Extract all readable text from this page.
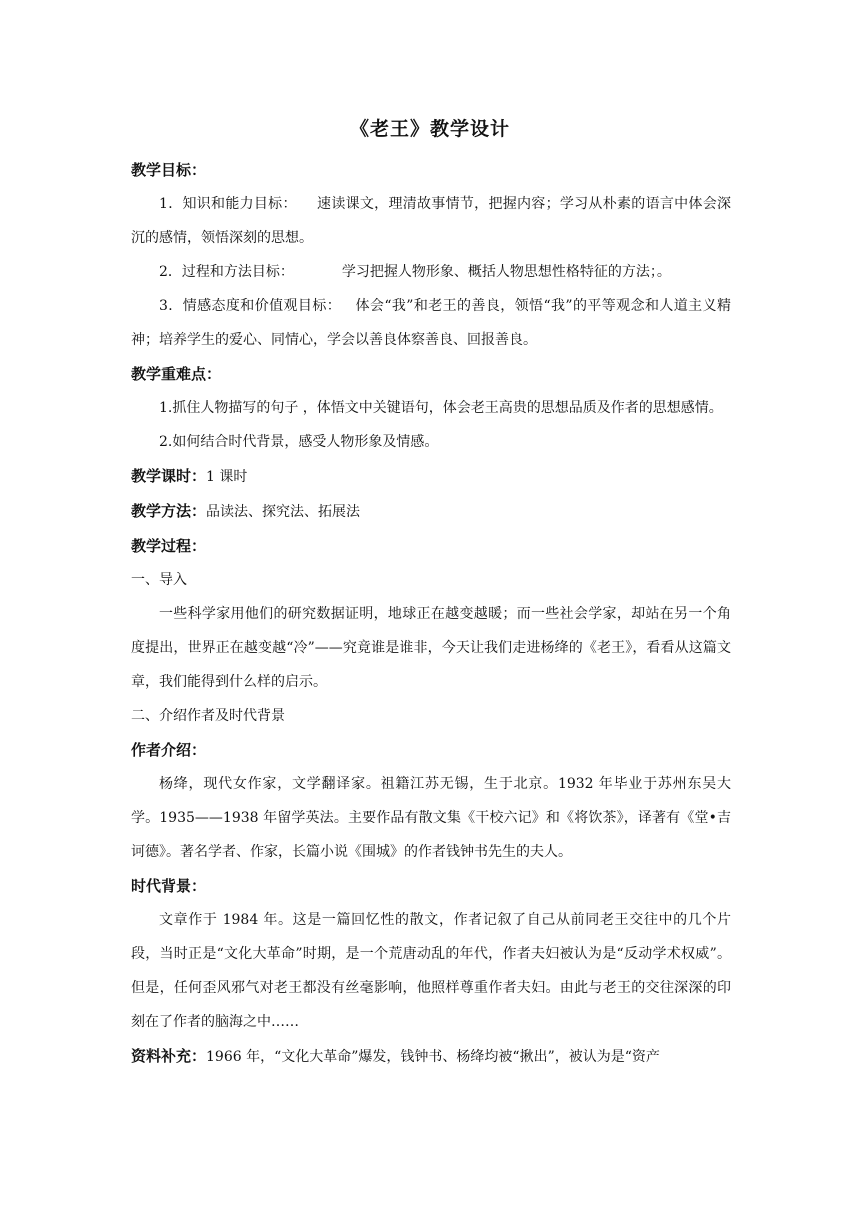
《老王》教学设计

教学目标：

1．知识和能力目标： 速读课文，理清故事情节，把握内容；学习从朴素的语言中体会深沉的感情，领悟深刻的思想。

2．过程和方法目标：	学习把握人物形象、概括人物思想性格特征的方法；。

3．情感态度和价值观目标： 体会“我”和老王的善良，领悟“我”的平等观念和人道主义精神；培养学生的爱心、同情心，学会以善良体察善良、回报善良。

教学重难点：

1.抓住人物描写的句子 ，体悟文中关键语句，体会老王高贵的思想品质及作者的思想感情。

2.如何结合时代背景，感受人物形象及情感。

教学课时：1 课时

教学方法：品读法、探究法、拓展法

教学过程：

一、导入

一些科学家用他们的研究数据证明，地球正在越变越暖；而一些社会学家，却站在另一个角度提出，世界正在越变越“冷”——究竟谁是谁非，今天让我们走进杨绛的《老王》，看看从这篇文章，我们能得到什么样的启示。

二、介绍作者及时代背景

作者介绍：

杨绛，现代女作家，文学翻译家。祖籍江苏无锡，生于北京。1932 年毕业于苏州东吴大学。1935——1938 年留学英法。主要作品有散文集《干校六记》和《将饮茶》，译著有《堂•吉诃德》。著名学者、作家，长篇小说《围城》的作者钱钟书先生的夫人。

时代背景：

文章作于 1984 年。这是一篇回忆性的散文，作者记叙了自己从前同老王交往中的几个片段，当时正是“文化大革命”时期，是一个荒唐动乱的年代，作者夫妇被认为是“反动学术权威”。但是，任何歪风邪气对老王都没有丝毫影响，他照样尊重作者夫妇。由此与老王的交往深深的印刻在了作者的脑海之中……

资料补充：1966 年，“文化大革命”爆发，钱钟书、杨绛均被“揪出”，被认为是“资产
